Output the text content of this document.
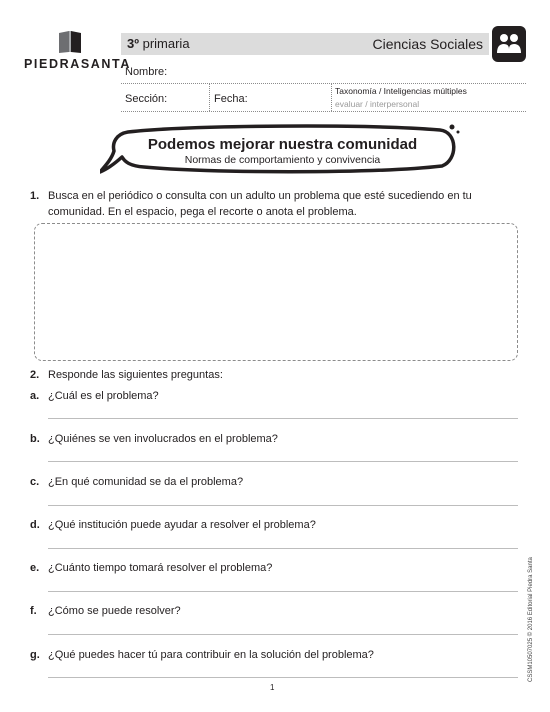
PIEDRASANTA
3º primaria	Ciencias Sociales
Nombre:
Sección:	Fecha:
Taxonomía / Inteligencias múltiples
evaluar / interpersonal
Podemos mejorar nuestra comunidad
Normas de comportamiento y convivencia
1. Busca en el periódico o consulta con un adulto un problema que esté sucediendo en tu comunidad. En el espacio, pega el recorte o anota el problema.
2. Responde las siguientes preguntas:
a. ¿Cuál es el problema?
b. ¿Quiénes se ven involucrados en el problema?
c. ¿En qué comunidad se da el problema?
d. ¿Qué institución puede ayudar a resolver el problema?
e. ¿Cuánto tiempo tomará resolver el problema?
f. ¿Cómo se puede resolver?
g. ¿Qué puedes hacer tú para contribuir en la solución del problema?
1
CSSM10507025 © 2016 Editorial Piedra Santa
